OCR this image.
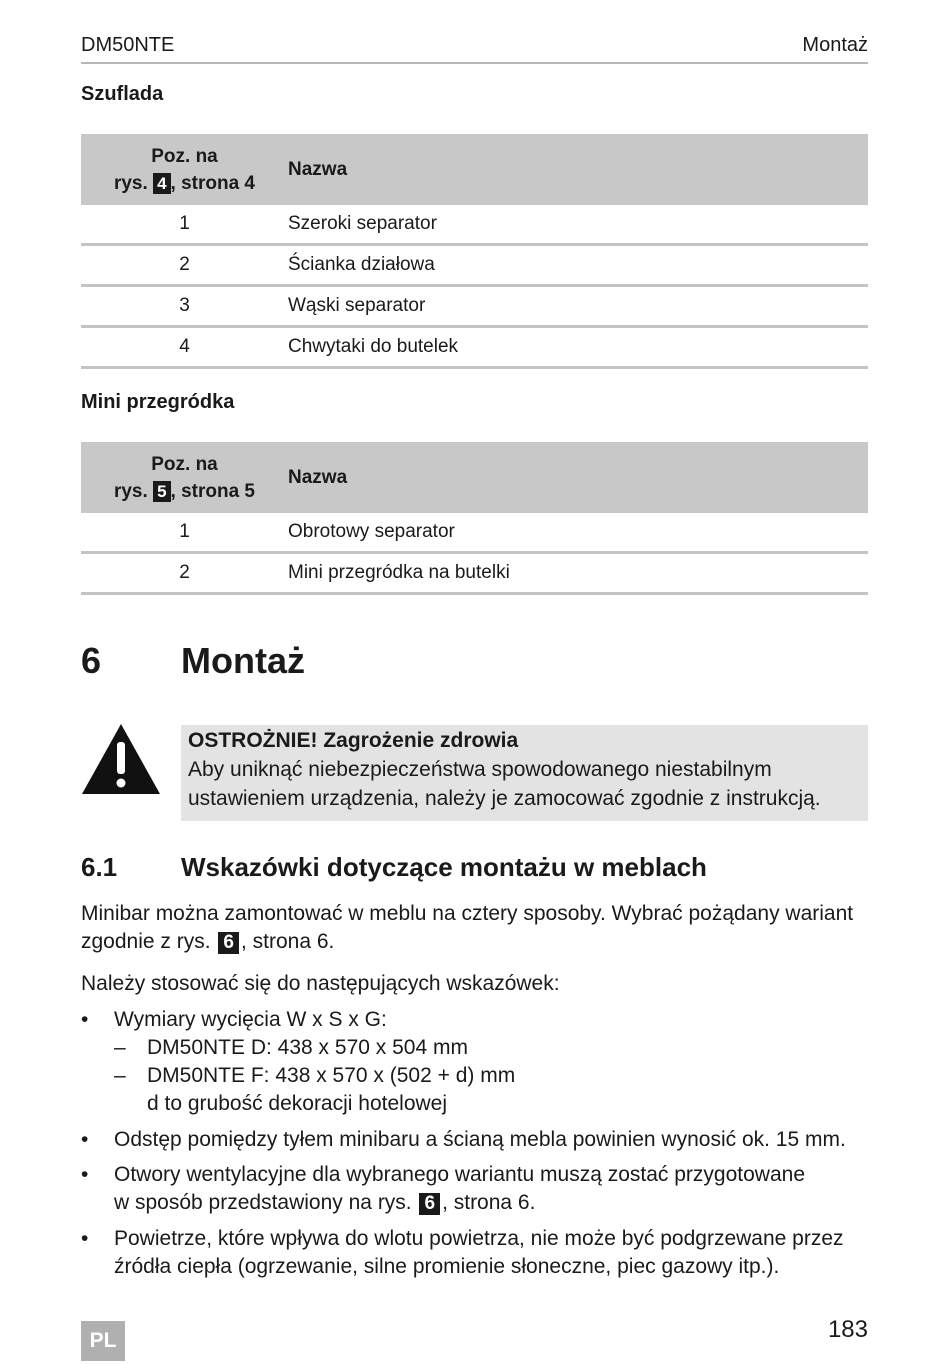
DM50NTE	Montaż
Szuflada
Poz. na
rys. 4 , strona 4	Nazwa
1	Szeroki separator
2	Ścianka działowa
3	Wąski separator
4	Chwytaki do butelek
Mini przegródka
Poz. na
rys. 5 , strona 5	Nazwa
1	Obrotowy separator
2	Mini przegródka na butelki
6 Montaż
OSTROŻNIE! Zagrożenie zdrowia
Aby uniknąć niebezpieczeństwa spowodowanego niestabilnym
ustawieniem urządzenia, należy je zamocować zgodnie z instrukcją.
6.1 Wskazówki dotyczące montażu w meblach
Minibar można zamontować w meblu na cztery sposoby. Wybrać pożądany wariant
zgodnie z rys. 6 , strona 6.
Należy stosować się do następujących wskazówek:
• Wymiary wycięcia W x S x G:
– DM50NTE D: 438 x 570 x 504 mm
– DM50NTE F: 438 x 570 x (502 + d) mm
d to grubość dekoracji hotelowej
• Odstęp pomiędzy tyłem minibaru a ścianą mebla powinien wynosić ok. 15 mm.
• Otwory wentylacyjne dla wybranego wariantu muszą zostać przygotowane
w sposób przedstawiony na rys. 6 , strona 6.
• Powietrze, które wpływa do wlotu powietrza, nie może być podgrzewane przez
źródła ciepła (ogrzewanie, silne promienie słoneczne, piec gazowy itp.).
PL	183
